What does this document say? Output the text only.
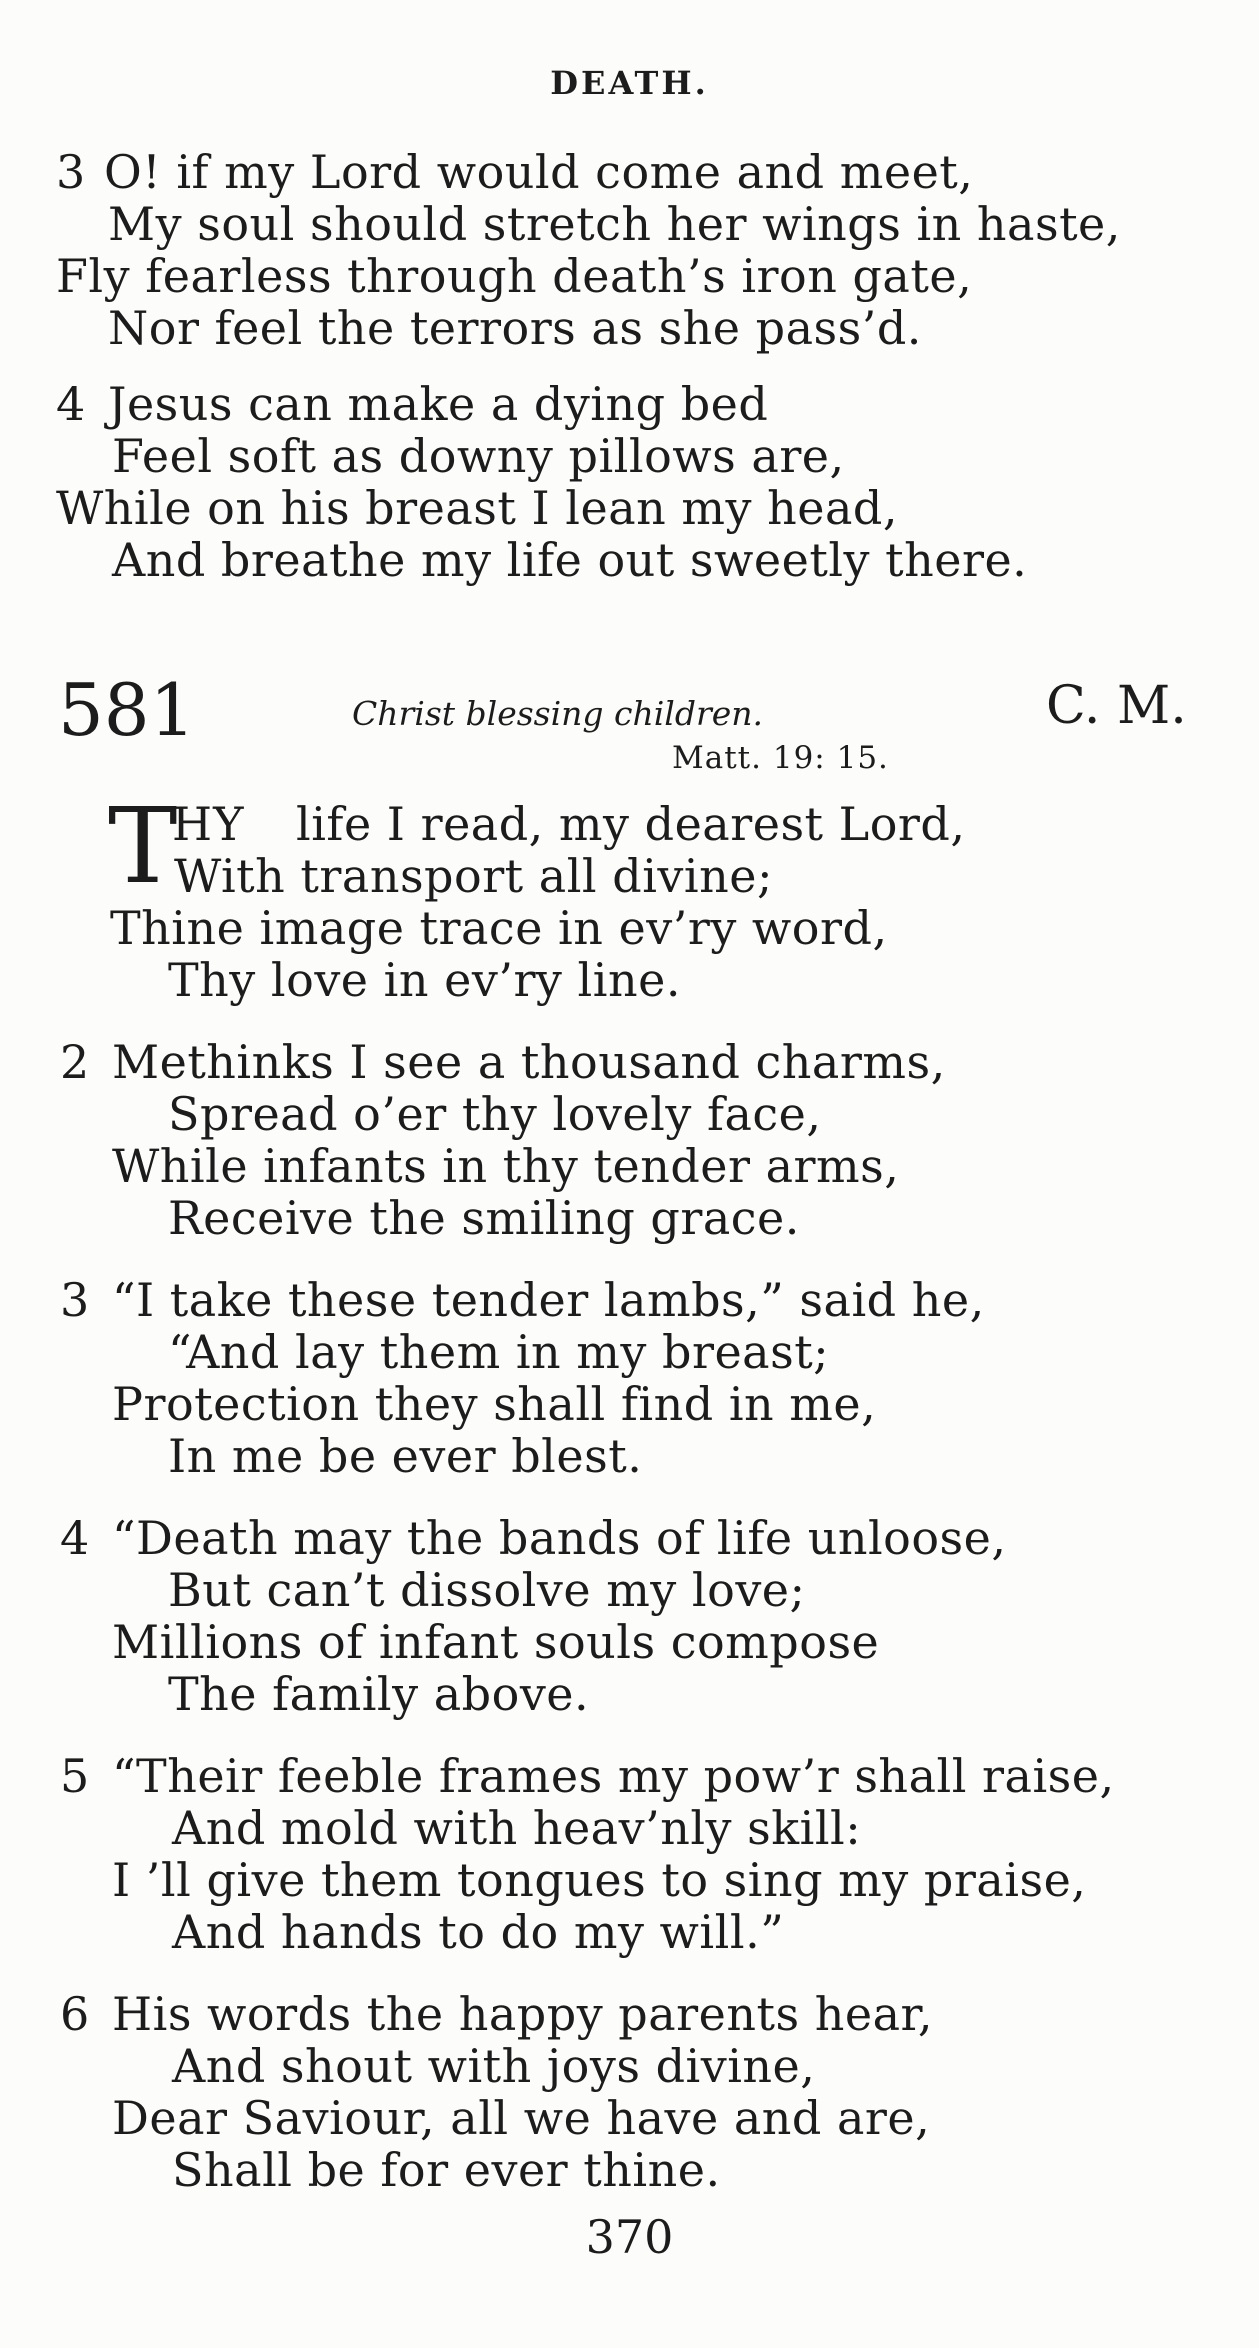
DEATH.
3 O! if my Lord would come and meet,
My soul should stretch her wings in haste,
Fly fearless through death’s iron gate,
Nor feel the terrors as she pass’d.
4 Jesus can make a dying bed
Feel soft as downy pillows are,
While on his breast I lean my head,
And breathe my life out sweetly there.
581	Christ blessing children.	C. M.
Matt. 19: 15.
T
HY life I read, my dearest Lord,
With transport all divine;
Thine image trace in ev’ry word,
Thy love in ev’ry line.
2 Methinks I see a thousand charms,
Spread o’er thy lovely face,
While infants in thy tender arms,
Receive the smiling grace.
3 “I take these tender lambs,” said he,
“And lay them in my breast;
Protection they shall find in me,
In me be ever blest.
4 “Death may the bands of life unloose,
But can’t dissolve my love;
Millions of infant souls compose
The family above.
5 “Their feeble frames my pow’r shall raise,
And mold with heav’nly skill:
I ’ll give them tongues to sing my praise,
And hands to do my will.”
6 His words the happy parents hear,
And shout with joys divine,
Dear Saviour, all we have and are,
Shall be for ever thine.
370
